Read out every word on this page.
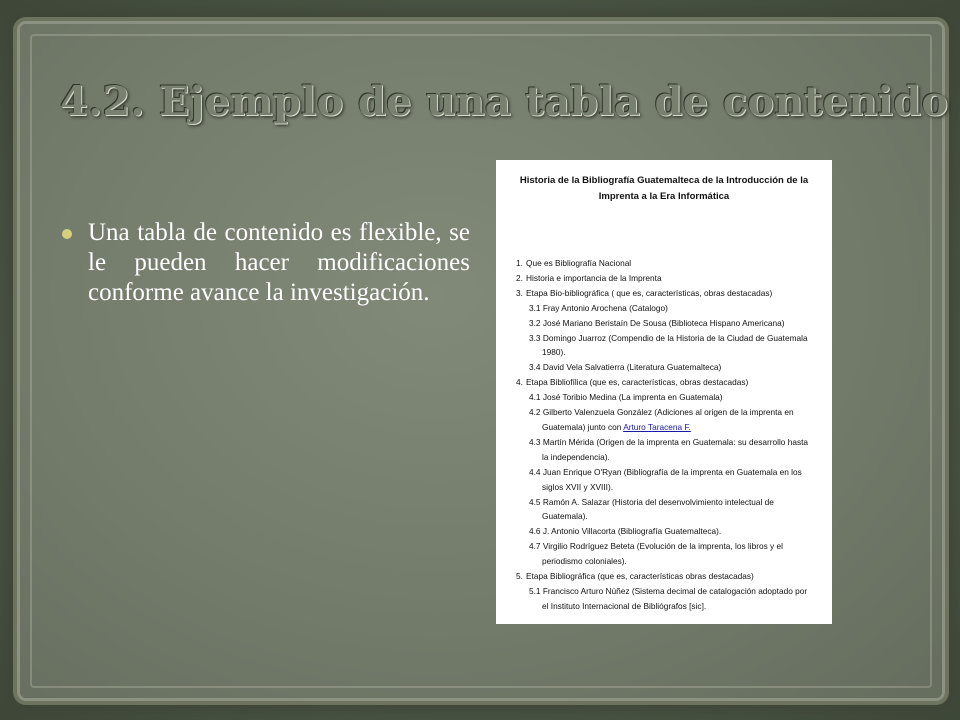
4.2. Ejemplo de una tabla de contenido
Una tabla de contenido es flexible, se le pueden hacer modificaciones conforme avance la investigación.

Historia de la Bibliografía Guatemalteca de la Introducción de la Imprenta a la Era Informática

1. Que es Bibliografía Nacional
2. Historia e importancia de la Imprenta
3. Etapa Bio-bibliográfica ( que es, características, obras destacadas)
3.1 Fray Antonio Arochena (Catalogo)
3.2 José Mariano Beristaín De Sousa (Biblioteca Hispano Americana)
3.3 Domingo Juarroz (Compendio de la Historia de la Ciudad de Guatemala
1980).
3.4 David Vela Salvatierra (Literatura Guatemalteca)
4. Etapa Bibliofílica (que es, características, obras destacadas)
4.1 José Toribio Medina (La imprenta en Guatemala)
4.2 Gilberto Valenzuela González (Adiciones al origen de la imprenta en
Guatemala) junto con Arturo Taracena F.
4.3 Martín Mérida (Origen de la imprenta en Guatemala: su desarrollo hasta
la independencia).
4.4 Juan Enrique O'Ryan (Bibliografía de la imprenta en Guatemala en los
siglos XVII y XVIII).
4.5 Ramón A. Salazar (Historia del desenvolvimiento intelectual de
Guatemala).
4.6 J. Antonio Villacorta (Bibliografía Guatemalteca).
4.7 Virgilio Rodríguez Beteta (Evolución de la imprenta, los libros y el
periodismo coloniales).
5. Etapa Bibliográfica (que es, características obras destacadas)
5.1 Francisco Arturo Núñez (Sistema decimal de catalogación adoptado por
el Instituto Internacional de Bibliógrafos [sic].
